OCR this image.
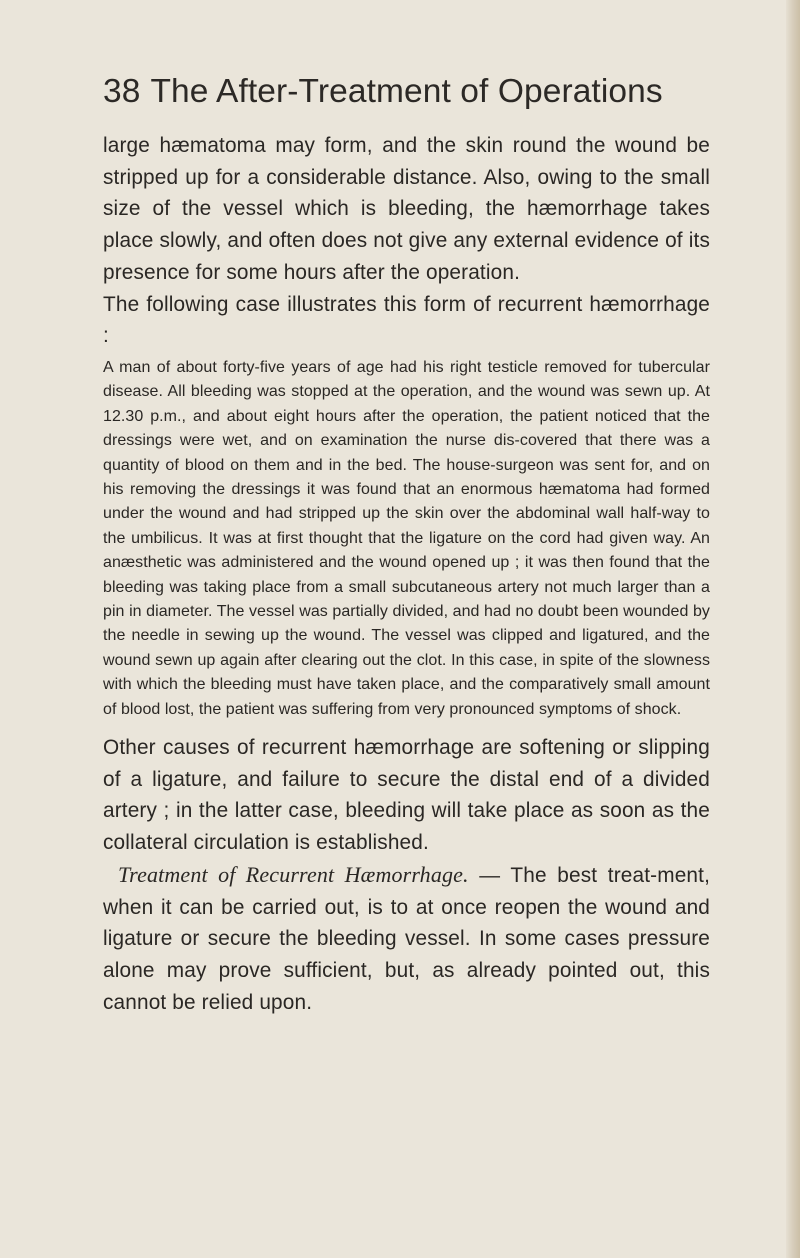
38 The After-Treatment of Operations

large hæmatoma may form, and the skin round the wound be stripped up for a considerable distance. Also, owing to the small size of the vessel which is bleeding, the hæmorrhage takes place slowly, and often does not give any external evidence of its presence for some hours after the operation.

The following case illustrates this form of recurrent hæmorrhage :

A man of about forty-five years of age had his right testicle removed for tubercular disease. All bleeding was stopped at the operation, and the wound was sewn up. At 12.30 p.m., and about eight hours after the operation, the patient noticed that the dressings were wet, and on examination the nurse dis-covered that there was a quantity of blood on them and in the bed. The house-surgeon was sent for, and on his removing the dressings it was found that an enormous hæmatoma had formed under the wound and had stripped up the skin over the abdominal wall half-way to the umbilicus. It was at first thought that the ligature on the cord had given way. An anæsthetic was administered and the wound opened up ; it was then found that the bleeding was taking place from a small subcutaneous artery not much larger than a pin in diameter. The vessel was partially divided, and had no doubt been wounded by the needle in sewing up the wound. The vessel was clipped and ligatured, and the wound sewn up again after clearing out the clot. In this case, in spite of the slowness with which the bleeding must have taken place, and the comparatively small amount of blood lost, the patient was suffering from very pronounced symptoms of shock.

Other causes of recurrent hæmorrhage are softening or slipping of a ligature, and failure to secure the distal end of a divided artery ; in the latter case, bleeding will take place as soon as the collateral circulation is established.

Treatment of Recurrent Hæmorrhage. — The best treat-ment, when it can be carried out, is to at once reopen the wound and ligature or secure the bleeding vessel. In some cases pressure alone may prove sufficient, but, as already pointed out, this cannot be relied upon.
